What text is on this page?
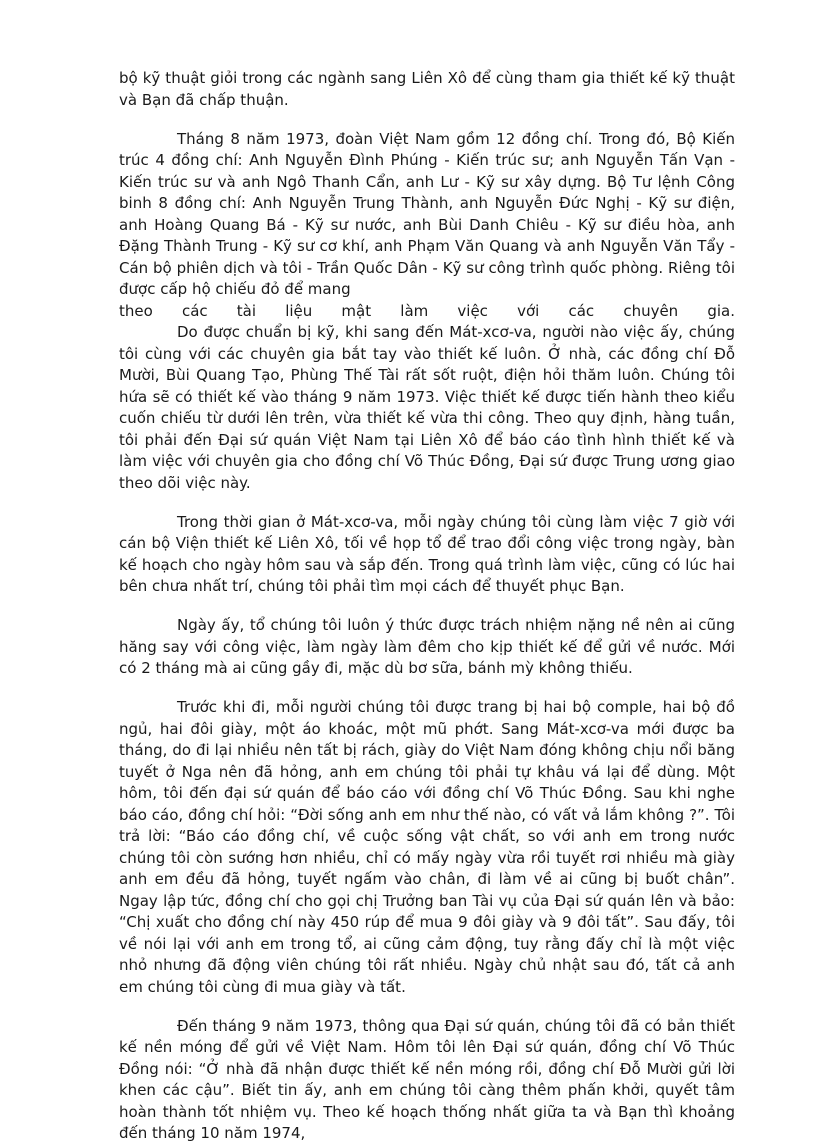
bộ kỹ thuật giỏi trong các ngành sang Liên Xô để cùng tham gia thiết kế kỹ thuật và Bạn đã chấp thuận.

Tháng 8 năm 1973, đoàn Việt Nam gồm 12 đồng chí. Trong đó, Bộ Kiến trúc 4 đồng chí: Anh Nguyễn Đình Phúng - Kiến trúc sư; anh Nguyễn Tấn Vạn - Kiến trúc sư và anh Ngô Thanh Cẩn, anh Lư - Kỹ sư xây dựng. Bộ Tư lệnh Công binh 8 đồng chí: Anh Nguyễn Trung Thành, anh Nguyễn Đức Nghị - Kỹ sư điện, anh Hoàng Quang Bá - Kỹ sư nước, anh Bùi Danh Chiêu - Kỹ sư điều hòa, anh Đặng Thành Trung - Kỹ sư cơ khí, anh Phạm Văn Quang và anh Nguyễn Văn Tẩy - Cán bộ phiên dịch và tôi - Trần Quốc Dân - Kỹ sư công trình quốc phòng. Riêng tôi được cấp hộ chiếu đỏ để mang

theo các tài liệu mật làm việc với các chuyên gia.

Do được chuẩn bị kỹ, khi sang đến Mát-xcơ-va, người nào việc ấy, chúng tôi cùng với các chuyên gia bắt tay vào thiết kế luôn. Ở nhà, các đồng chí Đỗ Mười, Bùi Quang Tạo, Phùng Thế Tài rất sốt ruột, điện hỏi thăm luôn. Chúng tôi hứa sẽ có thiết kế vào tháng 9 năm 1973. Việc thiết kế được tiến hành theo kiểu cuốn chiếu từ dưới lên trên, vừa thiết kế vừa thi công. Theo quy định, hàng tuần, tôi phải đến Đại sứ quán Việt Nam tại Liên Xô để báo cáo tình hình thiết kế và làm việc với chuyên gia cho đồng chí Võ Thúc Đồng, Đại sứ được Trung ương giao theo dõi việc này.

Trong thời gian ở Mát-xcơ-va, mỗi ngày chúng tôi cùng làm việc 7 giờ với cán bộ Viện thiết kế Liên Xô, tối về họp tổ để trao đổi công việc trong ngày, bàn kế hoạch cho ngày hôm sau và sắp đến. Trong quá trình làm việc, cũng có lúc hai bên chưa nhất trí, chúng tôi phải tìm mọi cách để thuyết phục Bạn.

Ngày ấy, tổ chúng tôi luôn ý thức được trách nhiệm nặng nề nên ai cũng hăng say với công việc, làm ngày làm đêm cho kịp thiết kế để gửi về nước. Mới có 2 tháng mà ai cũng gầy đi, mặc dù bơ sữa, bánh mỳ không thiếu.

Trước khi đi, mỗi người chúng tôi được trang bị hai bộ comple, hai bộ đồ ngủ, hai đôi giày, một áo khoác, một mũ phớt. Sang Mát-xcơ-va mới được ba tháng, do đi lại nhiều nên tất bị rách, giày do Việt Nam đóng không chịu nổi băng tuyết ở Nga nên đã hỏng, anh em chúng tôi phải tự khâu vá lại để dùng. Một hôm, tôi đến đại sứ quán để báo cáo với đồng chí Võ Thúc Đồng. Sau khi nghe báo cáo, đồng chí hỏi: “Đời sống anh em như thế nào, có vất vả lắm không ?”. Tôi trả lời: “Báo cáo đồng chí, về cuộc sống vật chất, so với anh em trong nước chúng tôi còn sướng hơn nhiều, chỉ có mấy ngày vừa rồi tuyết rơi nhiều mà giày anh em đều đã hỏng, tuyết ngấm vào chân, đi làm về ai cũng bị buốt chân”. Ngay lập tức, đồng chí cho gọi chị Trưởng ban Tài vụ của Đại sứ quán lên và bảo: “Chị xuất cho đồng chí này 450 rúp để mua 9 đôi giày và 9 đôi tất”. Sau đấy, tôi về nói lại với anh em trong tổ, ai cũng cảm động, tuy rằng đấy chỉ là một việc nhỏ nhưng đã động viên chúng tôi rất nhiều. Ngày chủ nhật sau đó, tất cả anh em chúng tôi cùng đi mua giày và tất.

Đến tháng 9 năm 1973, thông qua Đại sứ quán, chúng tôi đã có bản thiết kế nền móng để gửi về Việt Nam. Hôm tôi lên Đại sứ quán, đồng chí Võ Thúc Đồng nói: “Ở nhà đã nhận được thiết kế nền móng rồi, đồng chí Đỗ Mười gửi lời khen các cậu”. Biết tin ấy, anh em chúng tôi càng thêm phấn khởi, quyết tâm hoàn thành tốt nhiệm vụ. Theo kế hoạch thống nhất giữa ta và Bạn thì khoảng đến tháng 10 năm 1974,
